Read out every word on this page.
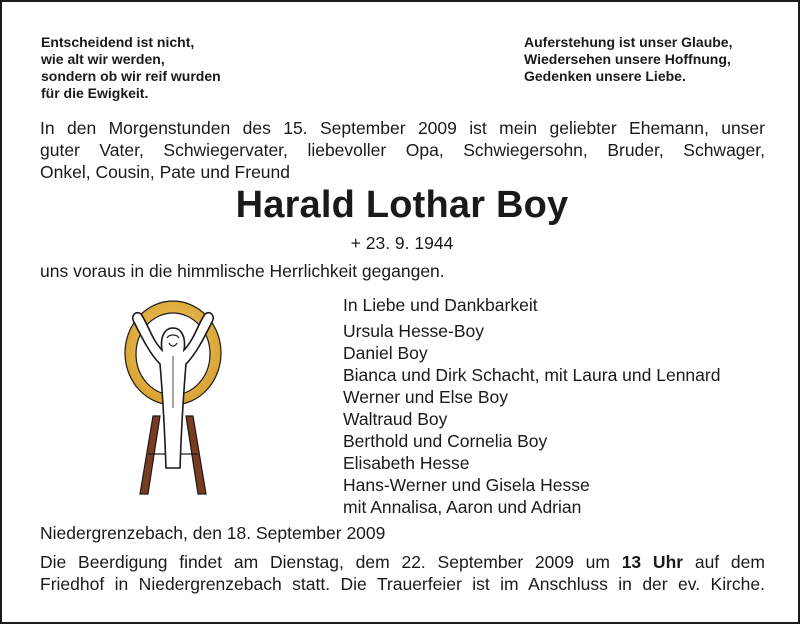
Entscheidend ist nicht,
wie alt wir werden,
sondern ob wir reif wurden
für die Ewigkeit.
Auferstehung ist unser Glaube,
Wiedersehen unsere Hoffnung,
Gedenken unsere Liebe.
In den Morgenstunden des 15. September 2009 ist mein geliebter Ehemann, unser
guter Vater, Schwiegervater, liebevoller Opa, Schwiegersohn, Bruder, Schwager,
Onkel, Cousin, Pate und Freund
Harald Lothar Boy
+ 23. 9. 1944
uns voraus in die himmlische Herrlichkeit gegangen.
In Liebe und Dankbarkeit
Ursula Hesse-Boy
Daniel Boy
Bianca und Dirk Schacht, mit Laura und Lennard
Werner und Else Boy
Waltraud Boy
Berthold und Cornelia Boy
Elisabeth Hesse
Hans-Werner und Gisela Hesse
mit Annalisa, Aaron und Adrian
Niedergrenzebach, den 18. September 2009
Die Beerdigung findet am Dienstag, dem 22. September 2009 um 13 Uhr auf dem
Friedhof in Niedergrenzebach statt. Die Trauerfeier ist im Anschluss in der ev. Kirche.
